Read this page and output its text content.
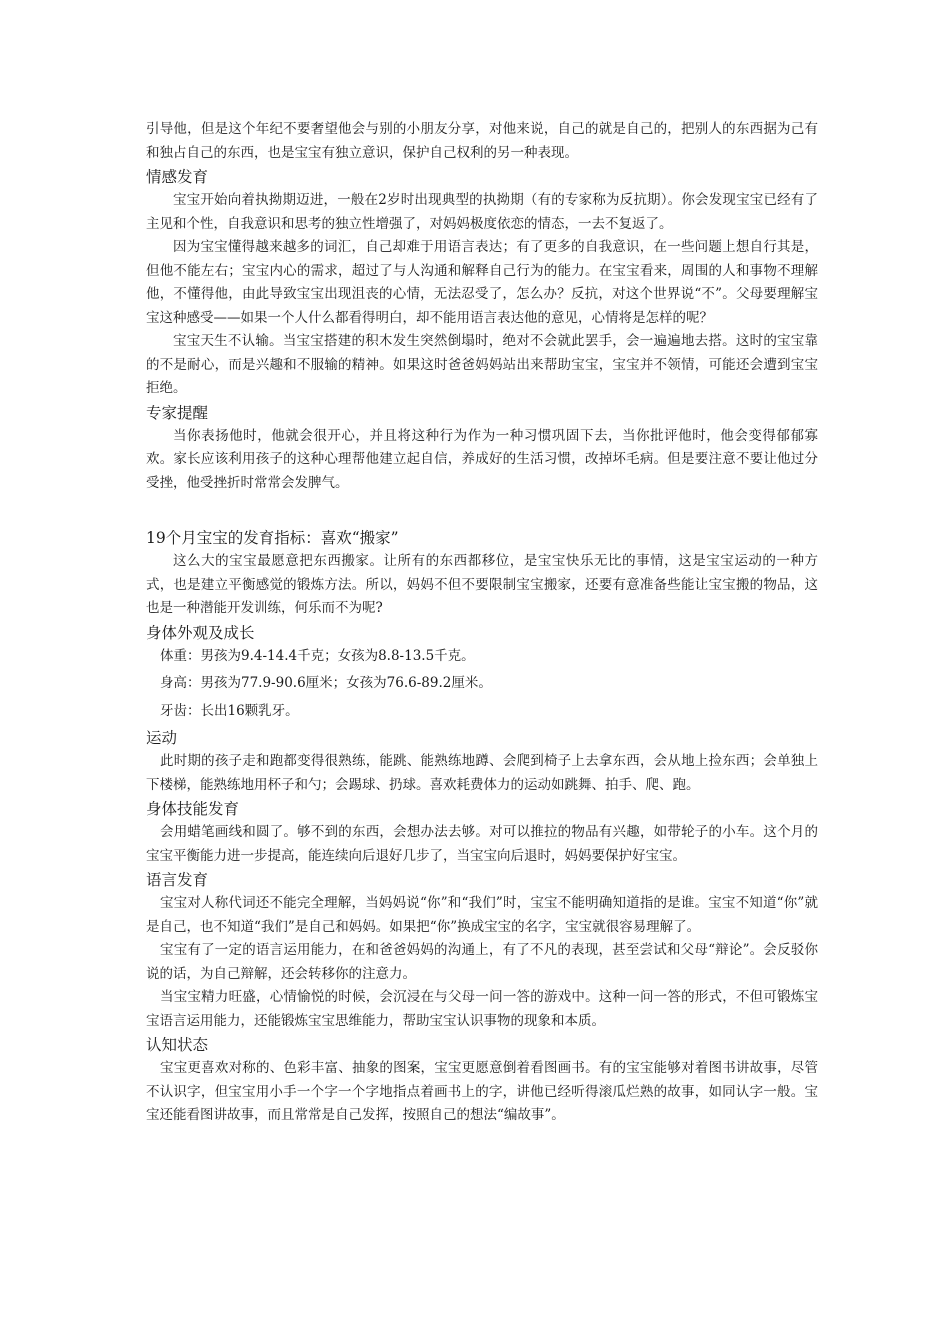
引导他，但是这个年纪不要奢望他会与别的小朋友分享，对他来说，自己的就是自己的，把别人的东西据为己有和独占自己的东西，也是宝宝有独立意识，保护自己权利的另一种表现。

情感发育

宝宝开始向着执拗期迈进，一般在2岁时出现典型的执拗期（有的专家称为反抗期）。你会发现宝宝已经有了主见和个性，自我意识和思考的独立性增强了，对妈妈极度依恋的情态，一去不复返了。

因为宝宝懂得越来越多的词汇，自己却难于用语言表达；有了更多的自我意识，在一些问题上想自行其是，但他不能左右；宝宝内心的需求，超过了与人沟通和解释自己行为的能力。在宝宝看来，周围的人和事物不理解他，不懂得他，由此导致宝宝出现沮丧的心情，无法忍受了，怎么办？反抗，对这个世界说“不”。父母要理解宝宝这种感受——如果一个人什么都看得明白，却不能用语言表达他的意见，心情将是怎样的呢？

宝宝天生不认输。当宝宝搭建的积木发生突然倒塌时，绝对不会就此罢手，会一遍遍地去搭。这时的宝宝靠的不是耐心，而是兴趣和不服输的精神。如果这时爸爸妈妈站出来帮助宝宝，宝宝并不领情，可能还会遭到宝宝拒绝。

专家提醒

当你表扬他时，他就会很开心，并且将这种行为作为一种习惯巩固下去，当你批评他时，他会变得郁郁寡欢。家长应该利用孩子的这种心理帮他建立起自信，养成好的生活习惯，改掉坏毛病。但是要注意不要让他过分受挫，他受挫折时常常会发脾气。

19个月宝宝的发育指标：喜欢“搬家”

这么大的宝宝最愿意把东西搬家。让所有的东西都移位，是宝宝快乐无比的事情，这是宝宝运动的一种方式，也是建立平衡感觉的锻炼方法。所以，妈妈不但不要限制宝宝搬家，还要有意准备些能让宝宝搬的物品，这也是一种潜能开发训练，何乐而不为呢?

身体外观及成长

体重：男孩为9.4-14.4千克；女孩为8.8-13.5千克。

身高：男孩为77.9-90.6厘米；女孩为76.6-89.2厘米。

牙齿：长出16颗乳牙。

运动

此时期的孩子走和跑都变得很熟练，能跳、能熟练地蹲、会爬到椅子上去拿东西，会从地上捡东西；会单独上下楼梯，能熟练地用杯子和勺；会踢球、扔球。喜欢耗费体力的运动如跳舞、拍手、爬、跑。

身体技能发育

会用蜡笔画线和圆了。够不到的东西，会想办法去够。对可以推拉的物品有兴趣，如带轮子的小车。这个月的宝宝平衡能力进一步提高，能连续向后退好几步了，当宝宝向后退时，妈妈要保护好宝宝。

语言发育

宝宝对人称代词还不能完全理解，当妈妈说“你”和“我们”时，宝宝不能明确知道指的是谁。宝宝不知道“你”就是自己，也不知道“我们”是自己和妈妈。如果把“你”换成宝宝的名字，宝宝就很容易理解了。

宝宝有了一定的语言运用能力，在和爸爸妈妈的沟通上，有了不凡的表现，甚至尝试和父母“辩论”。会反驳你说的话，为自己辩解，还会转移你的注意力。

当宝宝精力旺盛，心情愉悦的时候，会沉浸在与父母一问一答的游戏中。这种一问一答的形式，不但可锻炼宝宝语言运用能力，还能锻炼宝宝思维能力，帮助宝宝认识事物的现象和本质。

认知状态

宝宝更喜欢对称的、色彩丰富、抽象的图案，宝宝更愿意倒着看图画书。有的宝宝能够对着图书讲故事，尽管不认识字，但宝宝用小手一个字一个字地指点着画书上的字，讲他已经听得滚瓜烂熟的故事，如同认字一般。宝宝还能看图讲故事，而且常常是自己发挥，按照自己的想法“编故事”。
